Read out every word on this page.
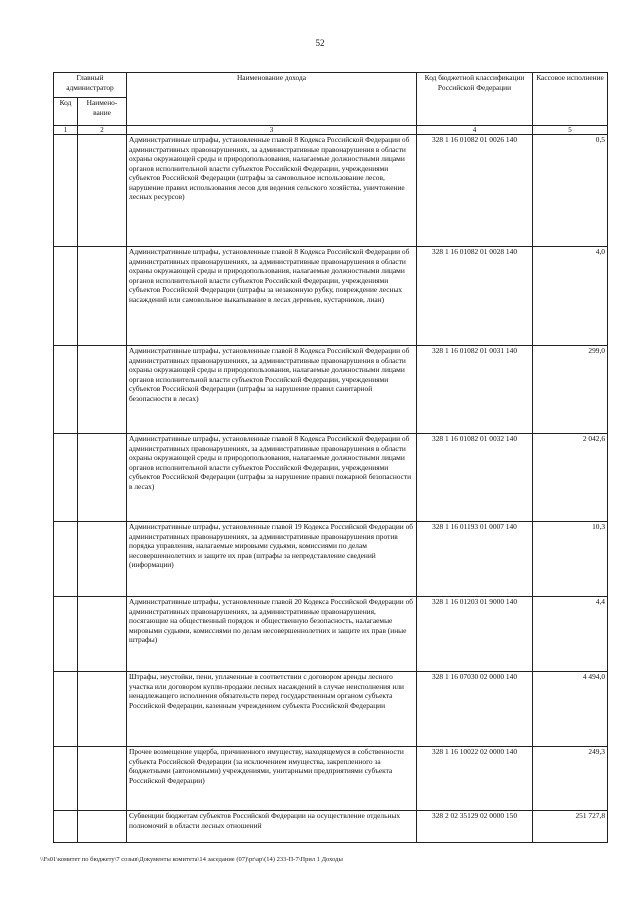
52
Главный администратор		Наименование дохода	Код бюджетной классификации Российской Федерации	Кассовое исполнение
Код	Наимено-вание			
1	2	3	4	5
		Административные штрафы, установленные главой 8 Кодекса Российской Федерации об административных правонарушениях, за административные правонарушения в области охраны окружающей среды и природопользования, налагаемые должностными лицами органов исполнительной власти субъектов Российской Федерации, учреждениями субъектов Российской Федерации (штрафы за самовольное использование лесов, нарушение правил использования лесов для ведения сельского хозяйства, уничтожение лесных ресурсов)	328 1 16 01082 01 0026 140	0,5
		Административные штрафы, установленные главой 8 Кодекса Российской Федерации об административных правонарушениях, за административные правонарушения в области охраны окружающей среды и природопользования, налагаемые должностными лицами органов исполнительной власти субъектов Российской Федерации, учреждениями субъектов Российской Федерации (штрафы за незаконную рубку, повреждение лесных насаждений или самовольное выкапывание в лесах деревьев, кустарников, лиан)	328 1 16 01082 01 0028 140	4,0
		Административные штрафы, установленные главой 8 Кодекса Российской Федерации об административных правонарушениях, за административные правонарушения в области охраны окружающей среды и природопользования, налагаемые должностными лицами органов исполнительной власти субъектов Российской Федерации, учреждениями субъектов Российской Федерации (штрафы за нарушение правил санитарной безопасности в лесах)	328 1 16 01082 01 0031 140	299,0
		Административные штрафы, установленные главой 8 Кодекса Российской Федерации об административных правонарушениях, за административные правонарушения в области охраны окружающей среды и природопользования, налагаемые должностными лицами органов исполнительной власти субъектов Российской Федерации, учреждениями субъектов Российской Федерации (штрафы за нарушение правил пожарной безопасности в лесах)	328 1 16 01082 01 0032 140	2 042,6
		Административные штрафы, установленные главой 19 Кодекса Российской Федерации об административных правонарушениях, за административные правонарушения против порядка управления, налагаемые мировыми судьями, комиссиями по делам несовершеннолетних и защите их прав (штрафы за непредставление сведений (информации)	328 1 16 01193 01 0007 140	10,3
		Административные штрафы, установленные главой 20 Кодекса Российской Федерации об административных правонарушениях, за административные правонарушения, посягающие на общественный порядок и общественную безопасность, налагаемые мировыми судьями, комиссиями по делам несовершеннолетних и защите их прав (иные штрафы)	328 1 16 01203 01 9000 140	4,4
		Штрафы, неустойки, пени, уплаченные в соответствии с договором аренды лесного участка или договором купли-продажи лесных насаждений в случае неисполнения или ненадлежащего исполнения обязательств перед государственным органом субъекта Российской Федерации, казенным учреждением субъекта Российской Федерации	328 1 16 07030 02 0000 140	4 494,0
		Прочее возмещение ущерба, причиненного имуществу, находящемуся в собственности субъекта Российской Федерации (за исключением имущества, закрепленного за бюджетными (автономными) учреждениями, унитарными предприятиями субъекта Российской Федерации)	328 1 16 10022 02 0000 140	249,3
		Субвенции бюджетам субъектов Российской Федерации на осуществление отдельных полномочий в области лесных отношений	328 2 02 35129 02 0000 150	251 727,8
\\Fs01\комитет по бюджету\7 созыв\Документы комитета\14 заседание (07)\pr\ap\(14) 233-П-7\Прил 1 Доходы
